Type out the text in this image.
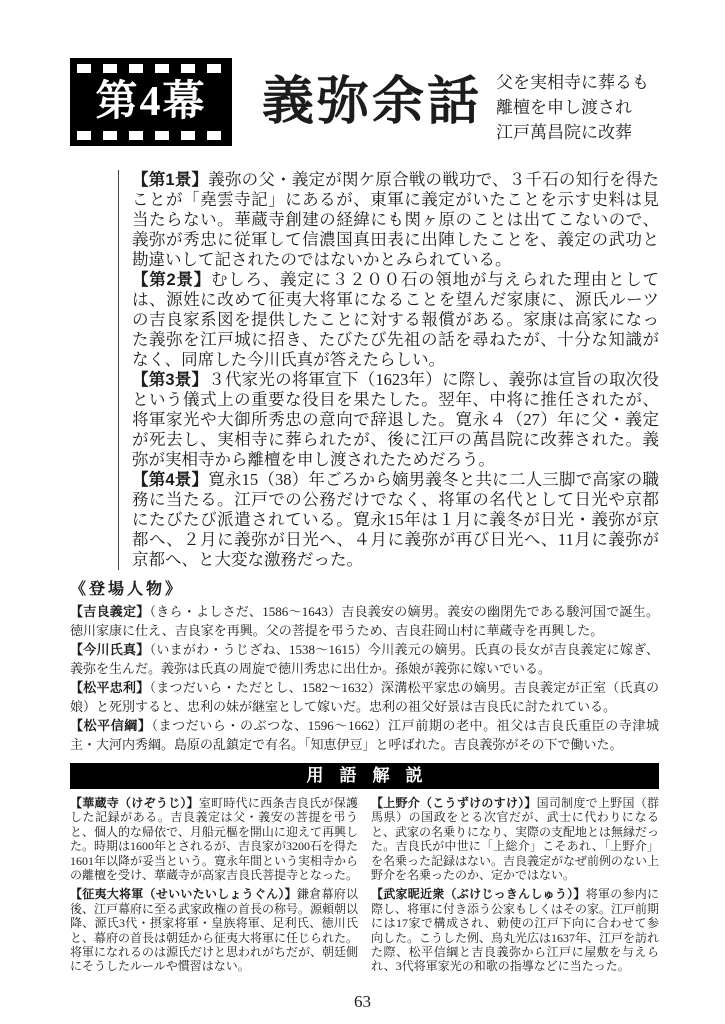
第4幕	義弥余話 父を実相寺に葬るも
離檀を申し渡され
江戸萬昌院に改葬

【第1景】義弥の父・義定が関ケ原合戦の戦功で、３千石の知行を得たことが「堯雲寺記」にあるが、東軍に義定がいたことを示す史料は見当たらない。華蔵寺創建の経緯にも関ヶ原のことは出てこないので、義弥が秀忠に従軍して信濃国真田表に出陣したことを、義定の武功と勘違いして記されたのではないかとみられている。

【第2景】むしろ、義定に３２００石の領地が与えられた理由としては、源姓に改めて征夷大将軍になることを望んだ家康に、源氏ルーツの吉良家系図を提供したことに対する報償がある。家康は高家になった義弥を江戸城に招き、たびたび先祖の話を尋ねたが、十分な知識がなく、同席した今川氏真が答えたらしい。

【第3景】３代家光の将軍宣下（1623年）に際し、義弥は宣旨の取次役という儀式上の重要な役目を果たした。翌年、中将に推任されたが、将軍家光や大御所秀忠の意向で辞退した。寛永４（27）年に父・義定が死去し、実相寺に葬られたが、後に江戸の萬昌院に改葬された。義弥が実相寺から離檀を申し渡されたためだろう。

【第4景】寛永15（38）年ごろから嫡男義冬と共に二人三脚で高家の職務に当たる。江戸での公務だけでなく、将軍の名代として日光や京都にたびたび派遣されている。寛永15年は１月に義冬が日光・義弥が京都へ、２月に義弥が日光へ、４月に義弥が再び日光へ、11月に義弥が京都へ、と大変な激務だった。

《登場人物》

【吉良義定】（きら・よしさだ、1586～1643）吉良義安の嫡男。義安の幽閉先である駿河国で誕生。徳川家康に仕え、吉良家を再興。父の菩提を弔うため、吉良荘岡山村に華蔵寺を再興した。

【今川氏真】（いまがわ・うじざね、1538～1615）今川義元の嫡男。氏真の長女が吉良義定に嫁ぎ、義弥を生んだ。義弥は氏真の周旋で徳川秀忠に出仕か。孫娘が義弥に嫁いでいる。

【松平忠利】（まつだいら・ただとし、1582～1632）深溝松平家忠の嫡男。吉良義定が正室（氏真の娘）と死別すると、忠利の妹が継室として嫁いだ。忠利の祖父好景は吉良氏に討たれている。

【松平信綱】（まつだいら・のぶつな、1596～1662）江戸前期の老中。祖父は吉良氏重臣の寺津城主・大河内秀綱。島原の乱鎮定で有名。「知恵伊豆」と呼ばれた。吉良義弥がその下で働いた。

用語解説

【華蔵寺（けぞうじ）】室町時代に西条吉良氏が保護した記録がある。吉良義定は父・義安の菩提を弔うと、個人的な帰依で、月船元樞を開山に迎えて再興した。時期は1600年とされるが、吉良家が3200石を得た1601年以降が妥当という。寛永年間という実相寺からの離檀を受け、華蔵寺が高家吉良氏菩提寺となった。

【征夷大将軍（せいいたいしょうぐん）】鎌倉幕府以後、江戸幕府に至る武家政権の首長の称号。源頼朝以降、源氏3代・摂家将軍・皇族将軍、足利氏、徳川氏と、幕府の首長は朝廷から征夷大将軍に任じられた。将軍になれるのは源氏だけと思われがちだが、朝廷側にそうしたルールや慣習はない。

【上野介（こうずけのすけ）】国司制度で上野国（群馬県）の国政をとる次官だが、武士に代わりになると、武家の名乗りになり、実際の支配地とは無縁だった。吉良氏が中世に「上総介」こそあれ、「上野介」を名乗った記録はない。吉良義定がなぜ前例のない上野介を名乗ったのか、定かではない。

【武家昵近衆（ぶけじっきんしゅう）】将軍の参内に際し、将軍に付き添う公家もしくはその家。江戸前期には17家で構成され、勅使の江戸下向に合わせて参向した。こうした例、烏丸光広は1637年、江戸を訪れた際、松平信綱と吉良義弥から江戸に屋敷を与えられ、3代将軍家光の和歌の指導などに当たった。

63
